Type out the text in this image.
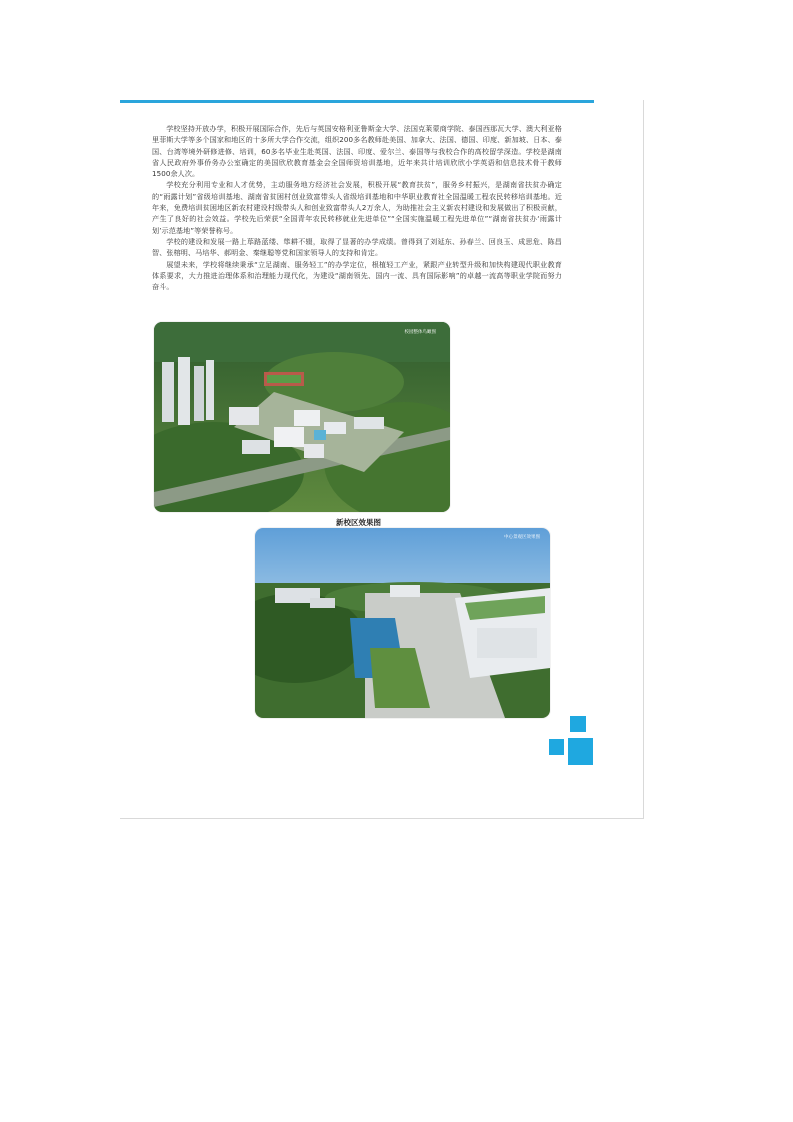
学校坚持开放办学，积极开展国际合作，先后与英国安格利亚鲁斯金大学、法国克莱蒙商学院、泰国西那瓦大学、澳大利亚格里菲斯大学等多个国家和地区的十多所大学合作交流，组织200多名教师赴美国、加拿大、法国、德国、印度、新加坡、日本、泰国、台湾等境外研修进修、培训，60多名毕业生赴英国、法国、印度、爱尔兰、泰国等与我校合作的高校留学深造。学校是湖南省人民政府外事侨务办公室确定的美国欣欣教育基金会全国师资培训基地，近年来共计培训欣欣小学英语和信息技术骨干教师1500余人次。

学校充分利用专业和人才优势，主动服务地方经济社会发展，积极开展“教育扶贫”，服务乡村振兴，是湖南省扶贫办确定的“雨露计划”省级培训基地、湖南省贫困村创业致富带头人省级培训基地和中华职业教育社全国温暖工程农民转移培训基地。近年来，免费培训贫困地区新农村建设村级带头人和创业致富带头人2万余人，为助推社会主义新农村建设和发展做出了积极贡献，产生了良好的社会效益。学校先后荣获“全国青年农民转移就业先进单位”“全国实施温暖工程先进单位”“湖南省扶贫办‘雨露计划’示范基地”等荣誉称号。

学校的建设和发展一路上荜路蓝缕、筚耕不辍，取得了显著的办学成绩。曾得到了刘延东、孙春兰、回良玉、成思危、陈昌智、张榕明、马培华、郝明金、秦继聪等党和国家领导人的支持和肯定。

展望未来，学校将继续秉承“立足湖南、服务轻工”的办学定位，根植轻工产业，紧跟产业转型升级和加快构建现代职业教育体系要求，大力推进治理体系和治理能力现代化，为建设“湖南领先、国内一流、具有国际影响”的卓越一流高等职业学院而努力奋斗。

校园整体鸟瞰图
新校区效果图
中心景观区效果图
